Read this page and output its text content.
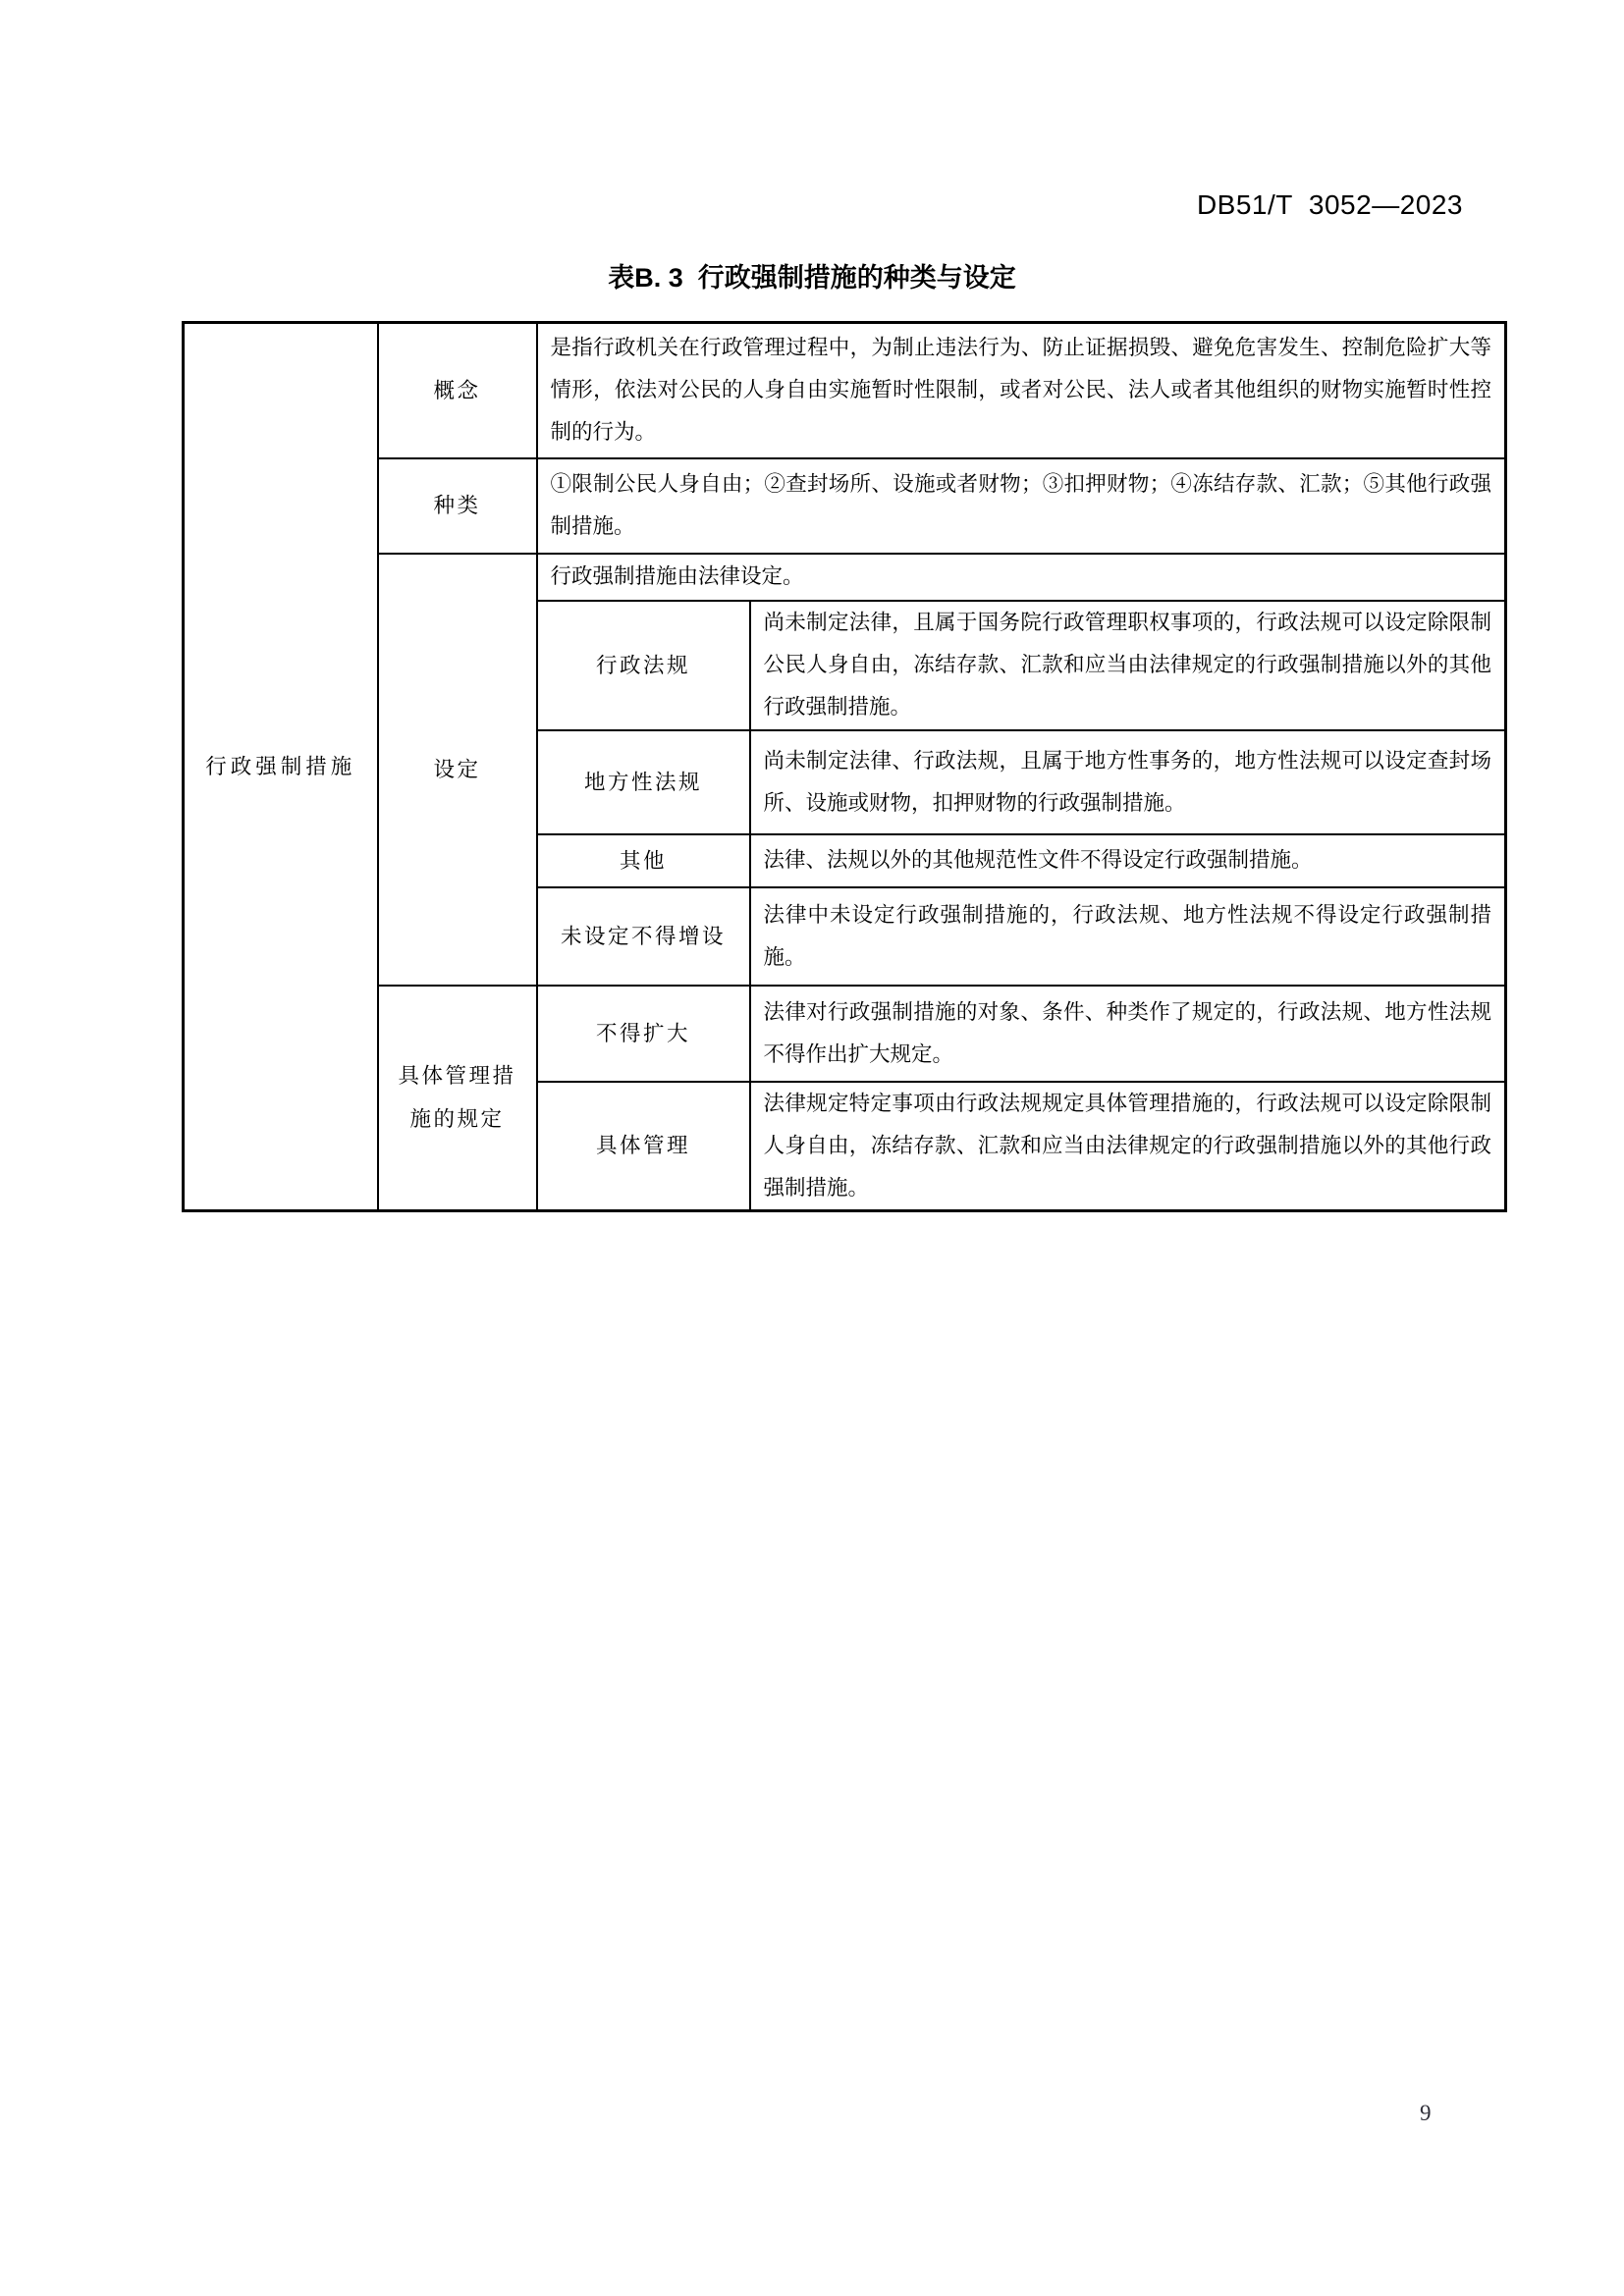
DB51/T  3052—2023
表B. 3  行政强制措施的种类与设定
行政强制措施	概念	是指行政机关在行政管理过程中，为制止违法行为、防止证据损毁、避免危害发生、控制危险扩大等情形，依法对公民的人身自由实施暂时性限制，或者对公民、法人或者其他组织的财物实施暂时性控制的行为。	
	种类	①限制公民人身自由；②查封场所、设施或者财物；③扣押财物；④冻结存款、汇款；⑤其他行政强制措施。	
	设定	行政强制措施由法律设定。	
		行政法规	尚未制定法律，且属于国务院行政管理职权事项的，行政法规可以设定除限制公民人身自由，冻结存款、汇款和应当由法律规定的行政强制措施以外的其他行政强制措施。
		地方性法规	尚未制定法律、行政法规，且属于地方性事务的，地方性法规可以设定查封场所、设施或财物，扣押财物的行政强制措施。
		其他	法律、法规以外的其他规范性文件不得设定行政强制措施。
		未设定不得增设	法律中未设定行政强制措施的，行政法规、地方性法规不得设定行政强制措施。
	具体管理措施的规定	不得扩大	法律对行政强制措施的对象、条件、种类作了规定的，行政法规、地方性法规不得作出扩大规定。
		具体管理	法律规定特定事项由行政法规规定具体管理措施的，行政法规可以设定除限制人身自由，冻结存款、汇款和应当由法律规定的行政强制措施以外的其他行政强制措施。
9
